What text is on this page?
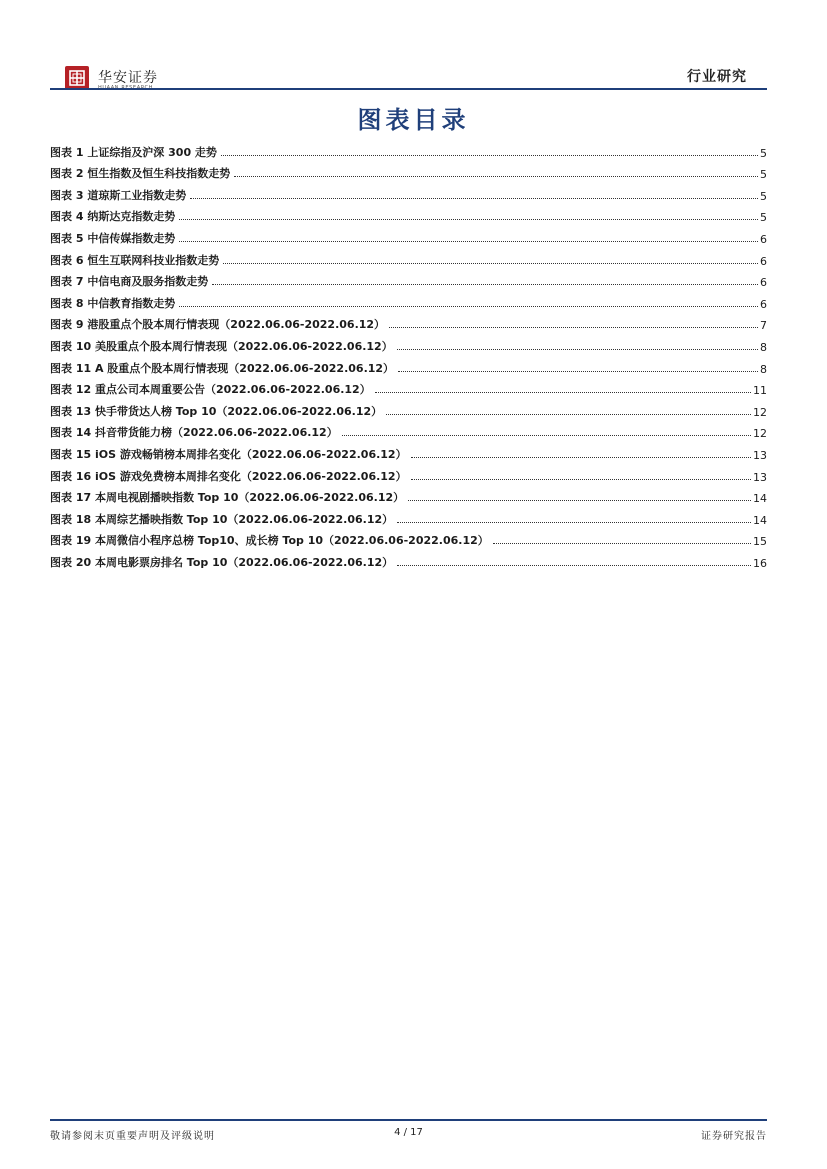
华安证券	行业研究
图表目录
图表 1 上证综指及沪深 300 走势	5
图表 2 恒生指数及恒生科技指数走势	5
图表 3 道琼斯工业指数走势	5
图表 4 纳斯达克指数走势	5
图表 5 中信传媒指数走势	6
图表 6 恒生互联网科技业指数走势	6
图表 7 中信电商及服务指数走势	6
图表 8 中信教育指数走势	6
图表 9 港股重点个股本周行情表现（2022.06.06-2022.06.12）	7
图表 10 美股重点个股本周行情表现（2022.06.06-2022.06.12）	8
图表 11 A 股重点个股本周行情表现（2022.06.06-2022.06.12）	8
图表 12 重点公司本周重要公告（2022.06.06-2022.06.12）	11
图表 13 快手带货达人榜 Top 10（2022.06.06-2022.06.12）	12
图表 14 抖音带货能力榜（2022.06.06-2022.06.12）	12
图表 15 iOS 游戏畅销榜本周排名变化（2022.06.06-2022.06.12）	13
图表 16 iOS 游戏免费榜本周排名变化（2022.06.06-2022.06.12）	13
图表 17 本周电视剧播映指数 Top 10（2022.06.06-2022.06.12）	14
图表 18 本周综艺播映指数 Top 10（2022.06.06-2022.06.12）	14
图表 19 本周微信小程序总榜 Top10、成长榜 Top 10（2022.06.06-2022.06.12）	15
图表 20 本周电影票房排名 Top 10（2022.06.06-2022.06.12）	16
敬请参阅末页重要声明及评级说明	4 / 17	证券研究报告
